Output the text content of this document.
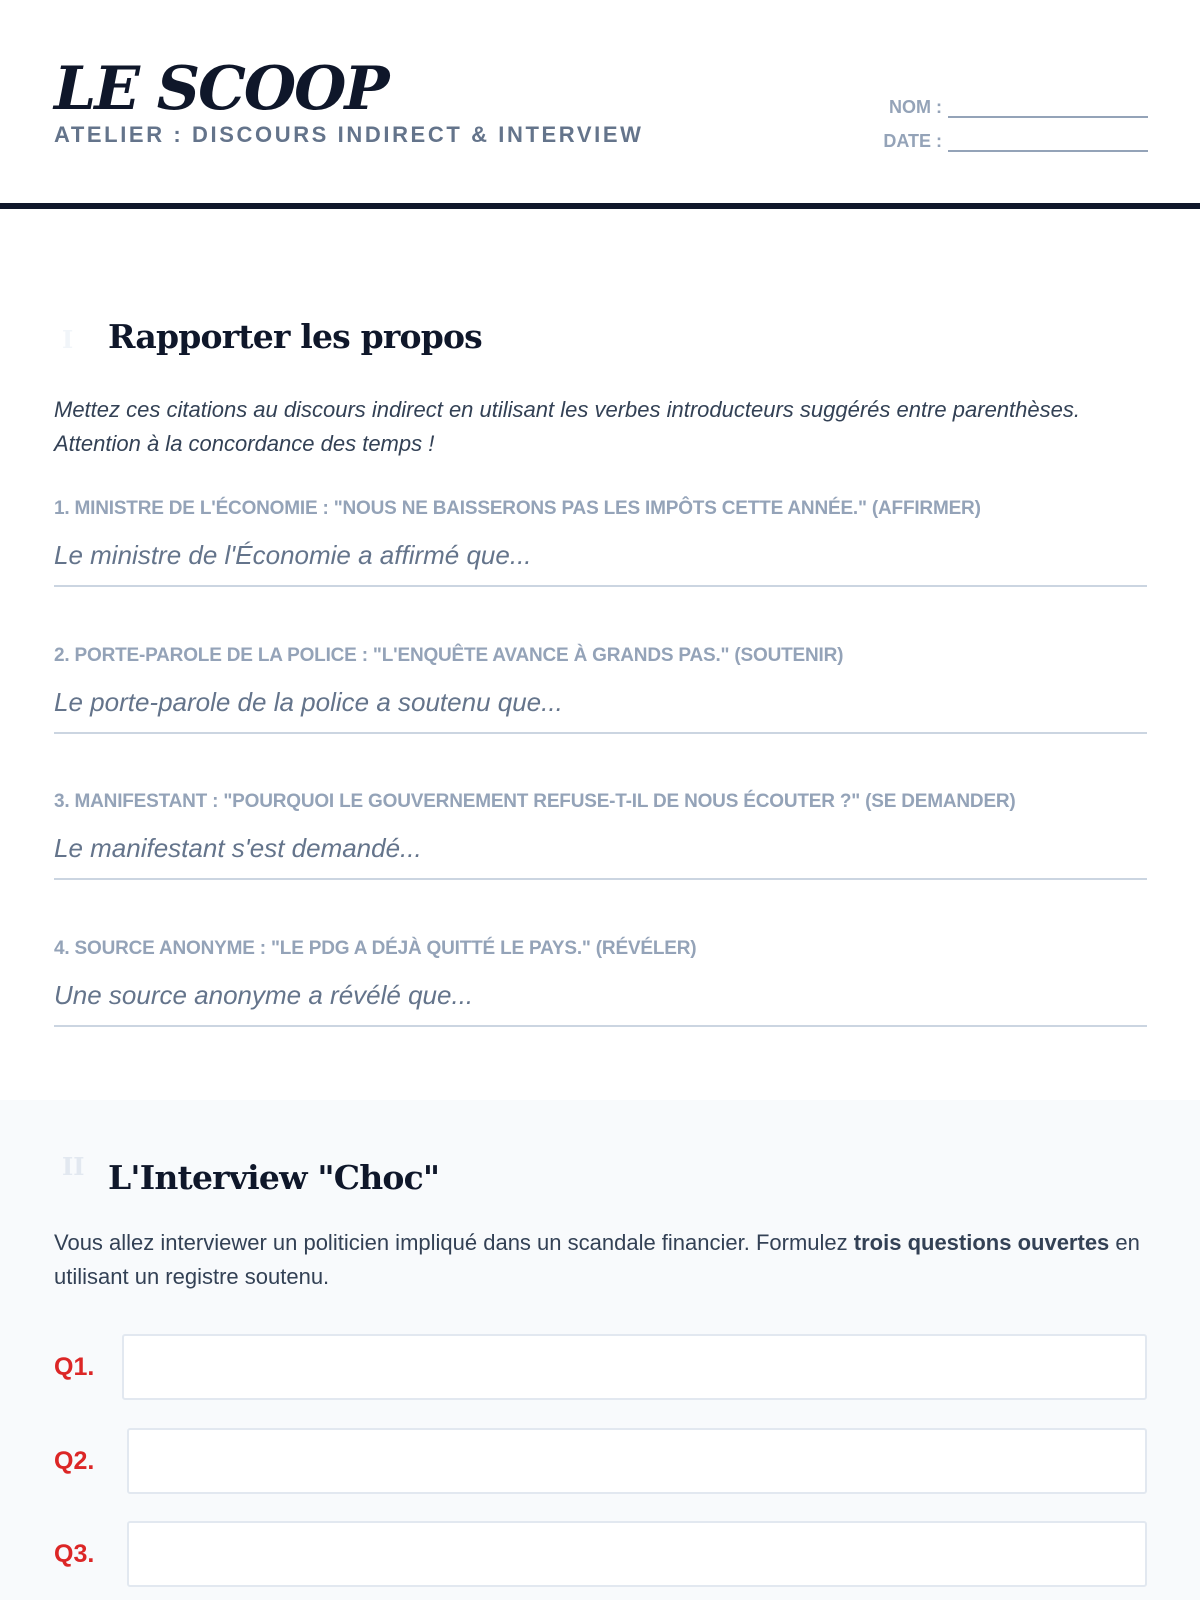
LE SCOOP
ATELIER : DISCOURS INDIRECT & INTERVIEW
NOM :
DATE :
I Rapporter les propos
Mettez ces citations au discours indirect en utilisant les verbes introducteurs suggérés entre parenthèses. Attention à la concordance des temps !
1. MINISTRE DE L'ÉCONOMIE : "NOUS NE BAISSERONS PAS LES IMPÔTS CETTE ANNÉE." (AFFIRMER)
Le ministre de l'Économie a affirmé que...
2. PORTE-PAROLE DE LA POLICE : "L'ENQUÊTE AVANCE À GRANDS PAS." (SOUTENIR)
Le porte-parole de la police a soutenu que...
3. MANIFESTANT : "POURQUOI LE GOUVERNEMENT REFUSE-T-IL DE NOUS ÉCOUTER ?" (SE DEMANDER)
Le manifestant s'est demandé...
4. SOURCE ANONYME : "LE PDG A DÉJÀ QUITTÉ LE PAYS." (RÉVÉLER)
Une source anonyme a révélé que...
II L'Interview "Choc"
Vous allez interviewer un politicien impliqué dans un scandale financier. Formulez trois questions ouvertes en utilisant un registre soutenu.
Q1.
Q2.
Q3.
